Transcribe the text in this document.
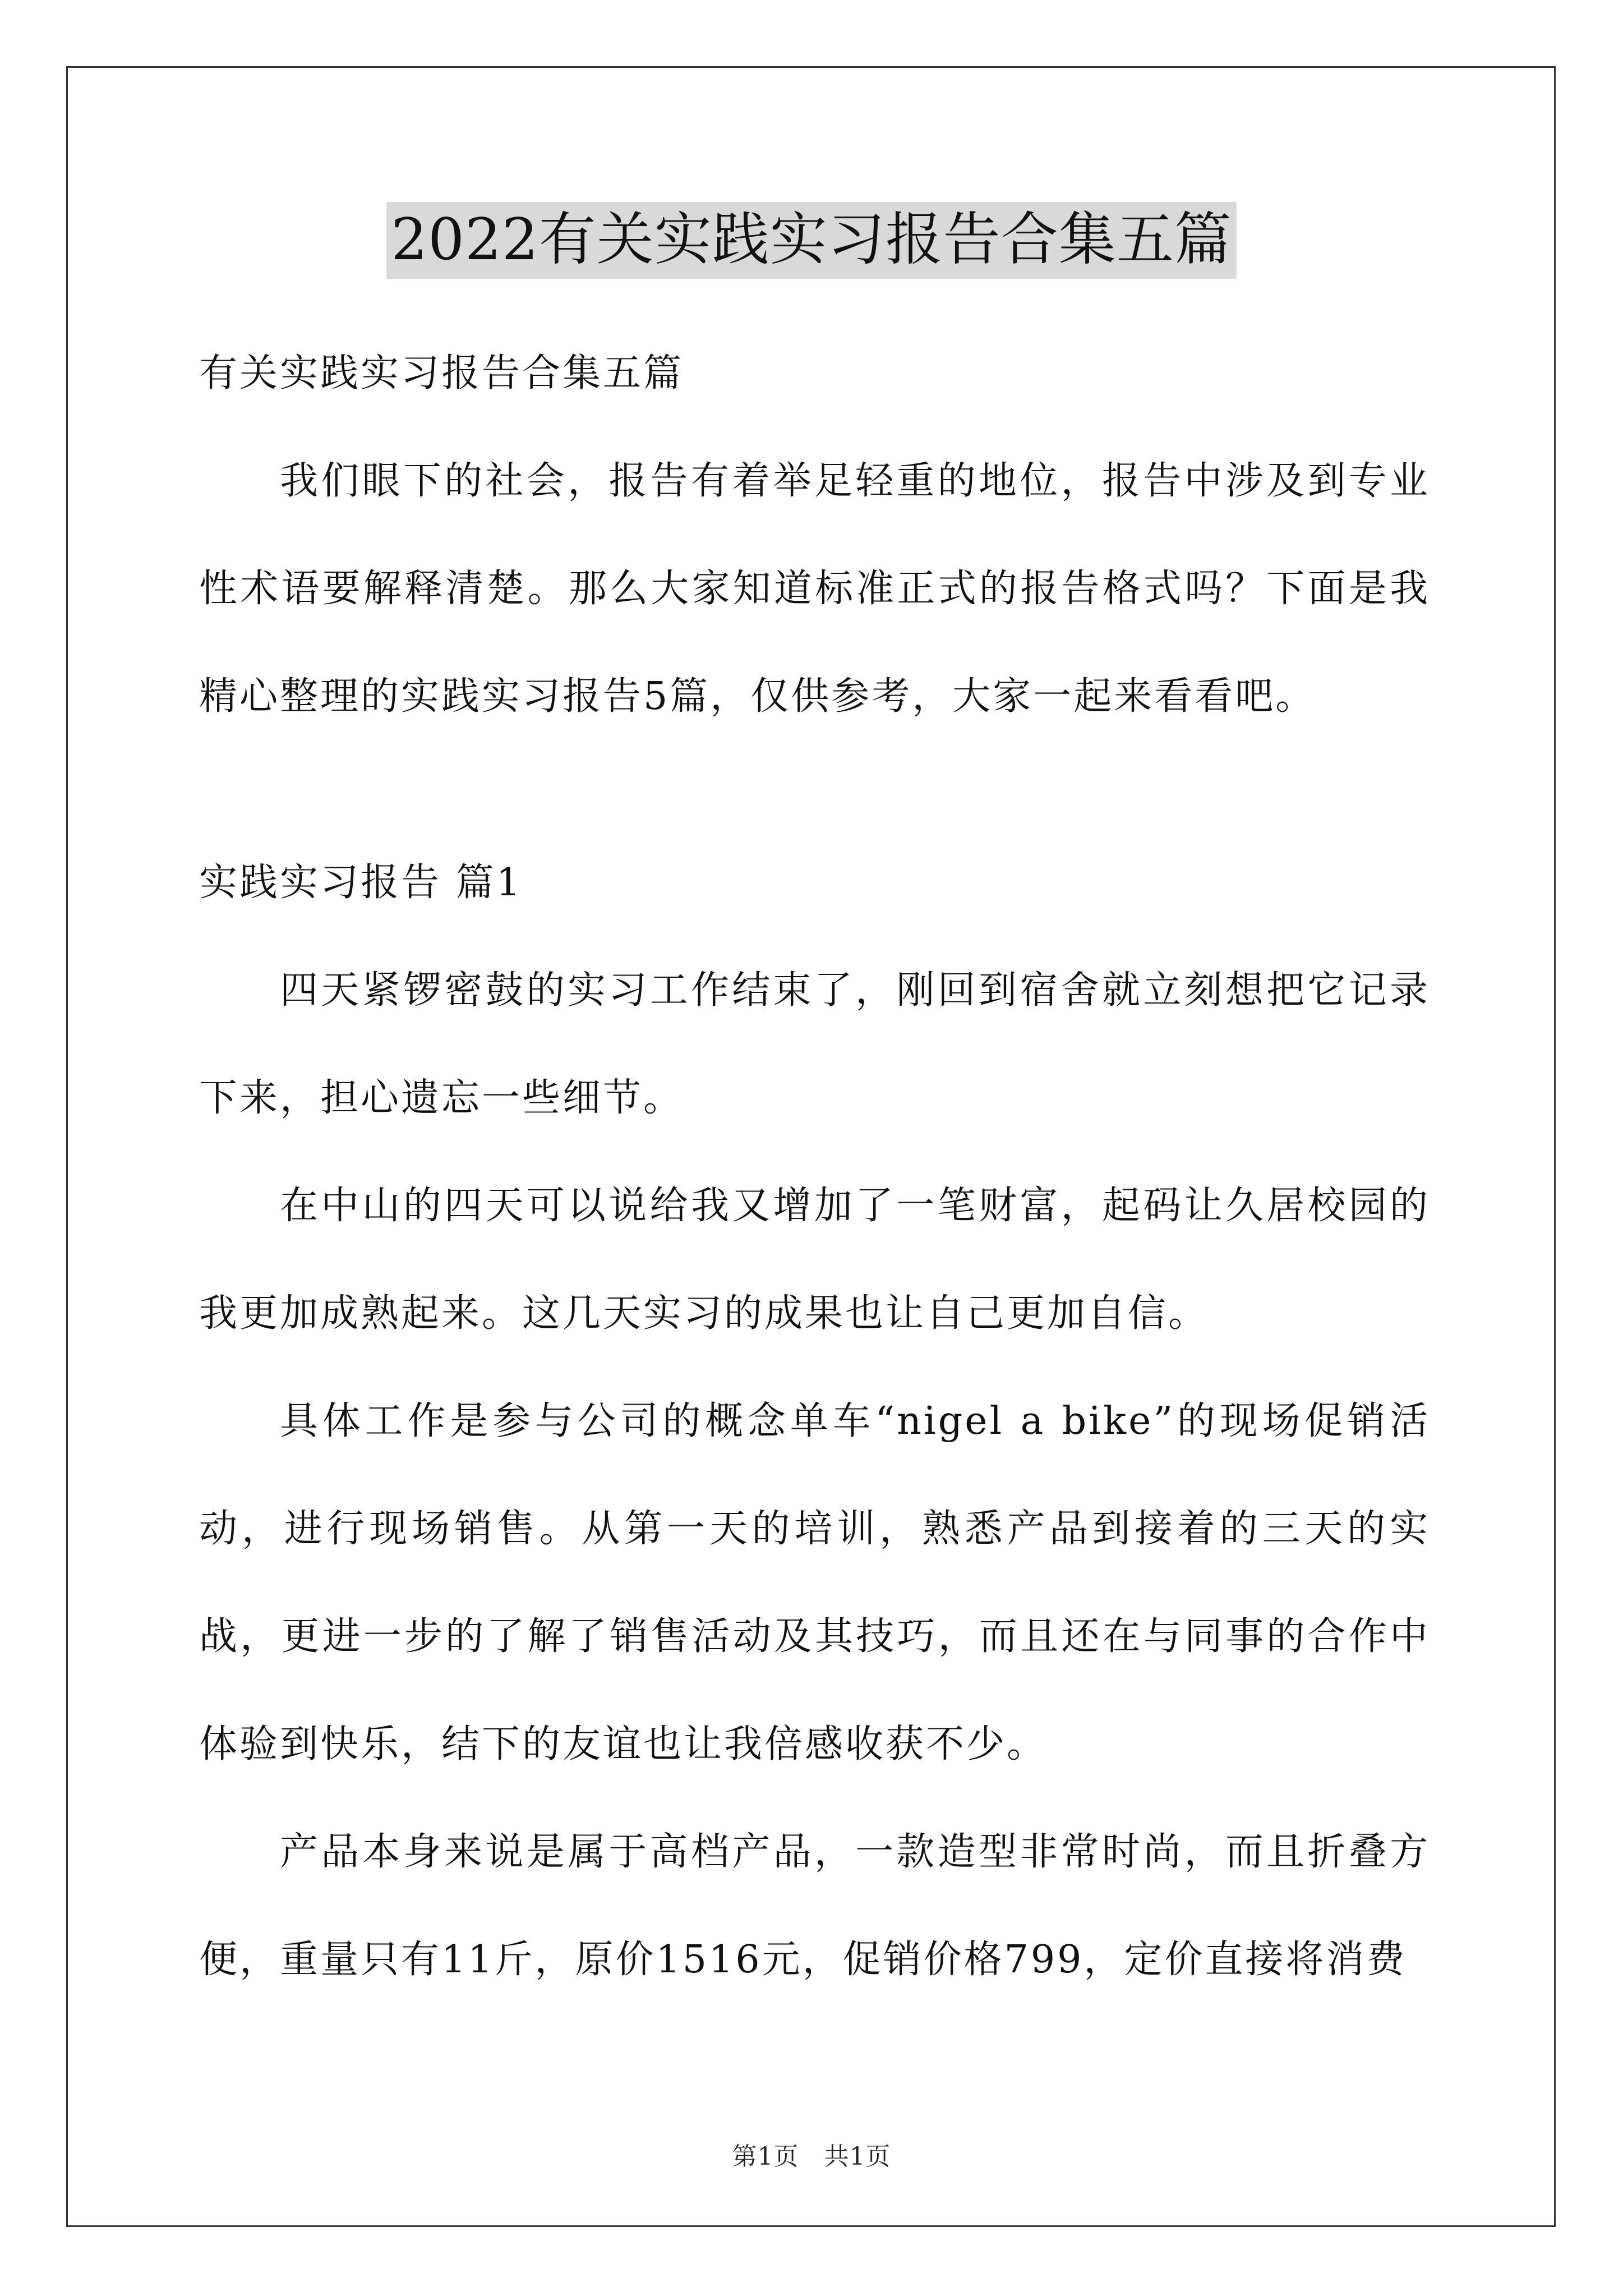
2022有关实践实习报告合集五篇

有关实践实习报告合集五篇

我们眼下的社会，报告有着举足轻重的地位，报告中涉及到专业性术语要解释清楚。那么大家知道标准正式的报告格式吗？下面是我精心整理的实践实习报告5篇，仅供参考，大家一起来看看吧。

实践实习报告 篇1

四天紧锣密鼓的实习工作结束了，刚回到宿舍就立刻想把它记录下来，担心遗忘一些细节。

在中山的四天可以说给我又增加了一笔财富，起码让久居校园的我更加成熟起来。这几天实习的成果也让自己更加自信。

具体工作是参与公司的概念单车“nigel a bike”的现场促销活动，进行现场销售。从第一天的培训，熟悉产品到接着的三天的实战，更进一步的了解了销售活动及其技巧，而且还在与同事的合作中体验到快乐，结下的友谊也让我倍感收获不少。

产品本身来说是属于高档产品，一款造型非常时尚，而且折叠方便，重量只有11斤，原价1516元，促销价格799，定价直接将消费

第1页　共1页
